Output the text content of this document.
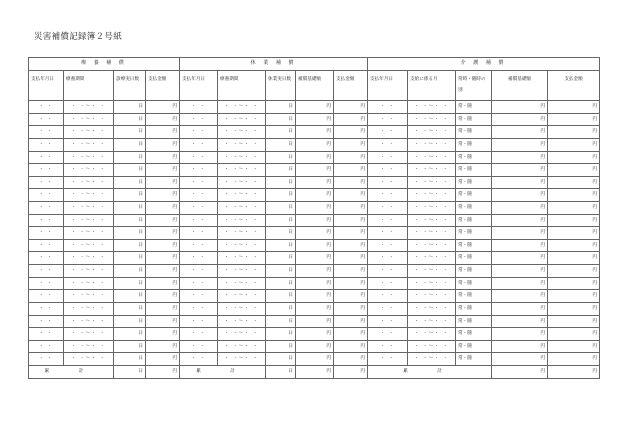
災害補償記録簿２号紙
療 養 補 償				休 業 補 償					介 護 補 償				
支払年月日	療養期間	診療実日数	支払金額	支払年月日	療養期間	休業実日数	補償基礎額	支払金額	支払年月日	支給に係る月	常時・随時の別	補償基礎額	支払金額
・ ・	・ ・〜・ ・	日	円	・ ・	・ ・〜・ ・	日	円	円	・ ・	・ ・〜・ ・	常・随	円	円
・ ・	・ ・〜・ ・	日	円	・ ・	・ ・〜・ ・	日	円	円	・ ・	・ ・〜・ ・	常・随	円	円
・ ・	・ ・〜・ ・	日	円	・ ・	・ ・〜・ ・	日	円	円	・ ・	・ ・〜・ ・	常・随	円	円
・ ・	・ ・〜・ ・	日	円	・ ・	・ ・〜・ ・	日	円	円	・ ・	・ ・〜・ ・	常・随	円	円
・ ・	・ ・〜・ ・	日	円	・ ・	・ ・〜・ ・	日	円	円	・ ・	・ ・〜・ ・	常・随	円	円
・ ・	・ ・〜・ ・	日	円	・ ・	・ ・〜・ ・	日	円	円	・ ・	・ ・〜・ ・	常・随	円	円
・ ・	・ ・〜・ ・	日	円	・ ・	・ ・〜・ ・	日	円	円	・ ・	・ ・〜・ ・	常・随	円	円
・ ・	・ ・〜・ ・	日	円	・ ・	・ ・〜・ ・	日	円	円	・ ・	・ ・〜・ ・	常・随	円	円
・ ・	・ ・〜・ ・	日	円	・ ・	・ ・〜・ ・	日	円	円	・ ・	・ ・〜・ ・	常・随	円	円
・ ・	・ ・〜・ ・	日	円	・ ・	・ ・〜・ ・	日	円	円	・ ・	・ ・〜・ ・	常・随	円	円
・ ・	・ ・〜・ ・	日	円	・ ・	・ ・〜・ ・	日	円	円	・ ・	・ ・〜・ ・	常・随	円	円
・ ・	・ ・〜・ ・	日	円	・ ・	・ ・〜・ ・	日	円	円	・ ・	・ ・〜・ ・	常・随	円	円
・ ・	・ ・〜・ ・	日	円	・ ・	・ ・〜・ ・	日	円	円	・ ・	・ ・〜・ ・	常・随	円	円
・ ・	・ ・〜・ ・	日	円	・ ・	・ ・〜・ ・	日	円	円	・ ・	・ ・〜・ ・	常・随	円	円
・ ・	・ ・〜・ ・	日	円	・ ・	・ ・〜・ ・	日	円	円	・ ・	・ ・〜・ ・	常・随	円	円
・ ・	・ ・〜・ ・	日	円	・ ・	・ ・〜・ ・	日	円	円	・ ・	・ ・〜・ ・	常・随	円	円
・ ・	・ ・〜・ ・	日	円	・ ・	・ ・〜・ ・	日	円	円	・ ・	・ ・〜・ ・	常・随	円	円
・ ・	・ ・〜・ ・	日	円	・ ・	・ ・〜・ ・	日	円	円	・ ・	・ ・〜・ ・	常・随	円	円
・ ・	・ ・〜・ ・	日	円	・ ・	・ ・〜・ ・	日	円	円	・ ・	・ ・〜・ ・	常・随	円	円
・ ・	・ ・〜・ ・	日	円	・ ・	・ ・〜・ ・	日	円	円	・ ・	・ ・〜・ ・	常・随	円	円
・ ・	・ ・〜・ ・	日	円	・ ・	・ ・〜・ ・	日	円	円	・ ・	・ ・〜・ ・	常・随	円	円
累 計		日	円	累 計		日	円	円	累 計			円	円
